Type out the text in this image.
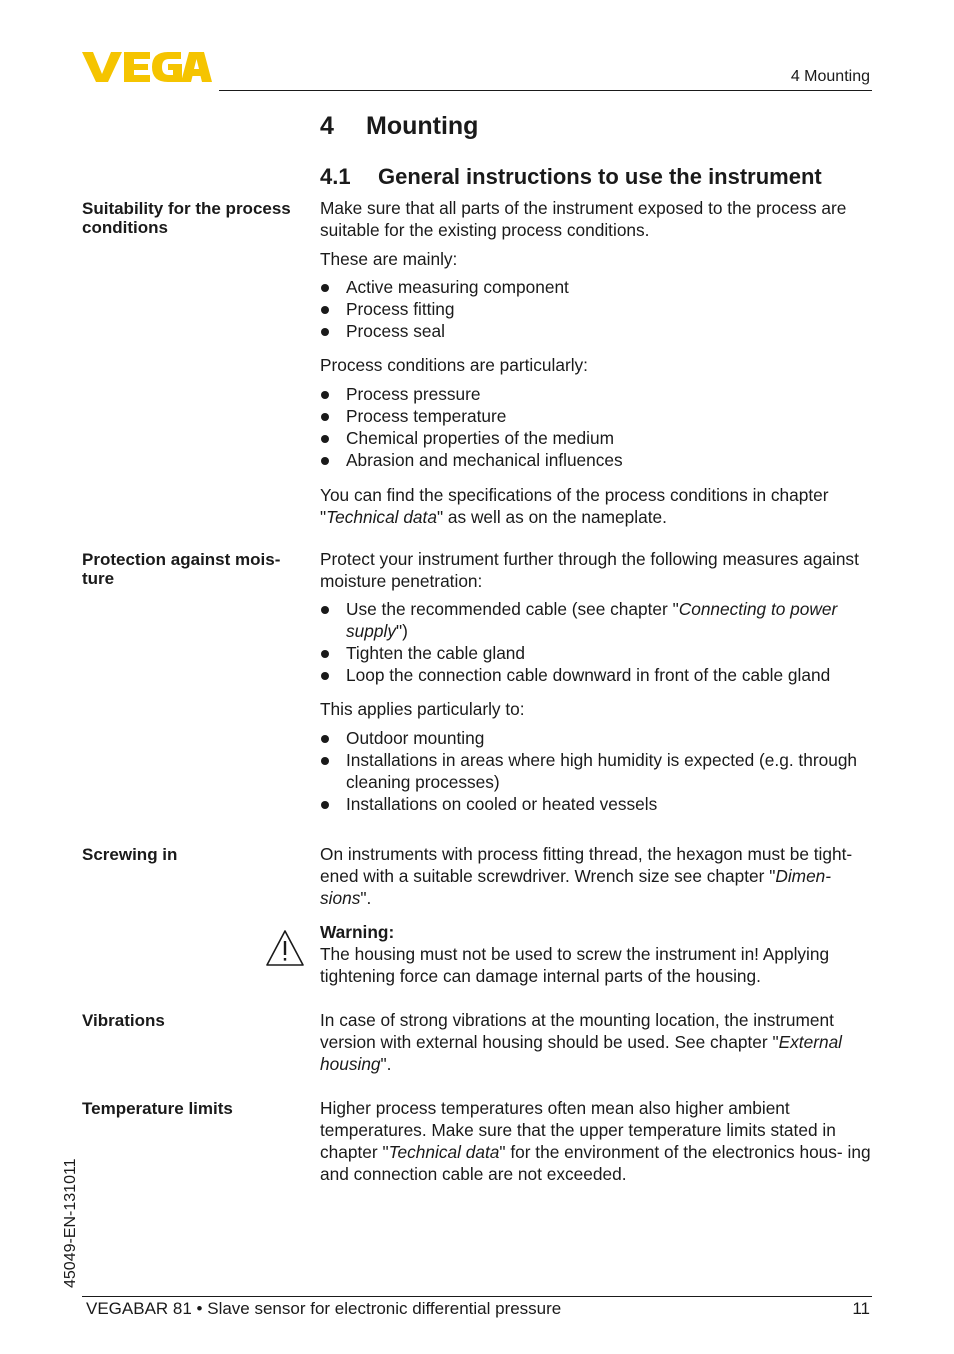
4 Mounting
4 Mounting
4.1 General instructions to use the instrument
Suitability for the process conditions

Make sure that all parts of the instrument exposed to the process are suitable for the existing process conditions.

These are mainly:

Active measuring component
Process fitting
Process seal

Process conditions are particularly:

Process pressure
Process temperature
Chemical properties of the medium
Abrasion and mechanical influences

You can find the specifications of the process conditions in chapter "Technical data" as well as on the nameplate.

Protection against mois- ture

Protect your instrument further through the following measures against moisture penetration:

Use the recommended cable (see chapter "Connecting to power supply")
Tighten the cable gland
Loop the connection cable downward in front of the cable gland

This applies particularly to:

Outdoor mounting
Installations in areas where high humidity is expected (e.g. through cleaning processes)
Installations on cooled or heated vessels
Screwing in	On instruments with process fitting thread, the hexagon must be tight- ened with a suitable screwdriver. Wrench size see chapter "Dimen- sions".

Warning:

The housing must not be used to screw the instrument in! Applying tightening force can damage internal parts of the housing.

Vibrations	In case of strong vibrations at the mounting location, the instrument version with external housing should be used. See chapter "External housing".

Temperature limits	Higher process temperatures often mean also higher ambient temperatures. Make sure that the upper temperature limits stated in chapter "Technical data" for the environment of the electronics hous- ing and connection cable are not exceeded.

45049-EN-131011
VEGABAR 81 • Slave sensor for electronic differential pressure	11
